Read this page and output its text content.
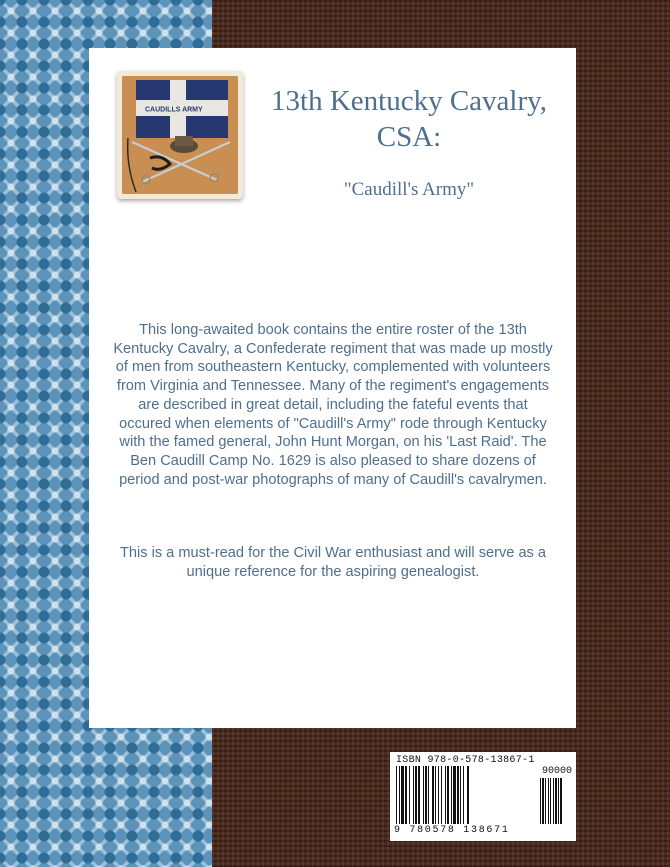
CAUDILLS ARMY	13th Kentucky Cavalry,
CSA:
"Caudill's Army"

This long-awaited book contains the entire roster of the 13th Kentucky Cavalry, a Confederate regiment that was made up mostly of men from southeastern Kentucky, complemented with volunteers from Virginia and Tennessee. Many of the regiment's engagements are described in great detail, including the fateful events that occured when elements of "Caudill's Army" rode through Kentucky with the famed general, John Hunt Morgan, on his 'Last Raid'. The Ben Caudill Camp No. 1629 is also pleased to share dozens of period and post-war photographs of many of Caudill's cavalrymen.

This is a must-read for the Civil War enthusiast and will serve as a unique reference for the aspiring genealogist.

ISBN 978-0-578-13867-1
90000
9 780578 138671
